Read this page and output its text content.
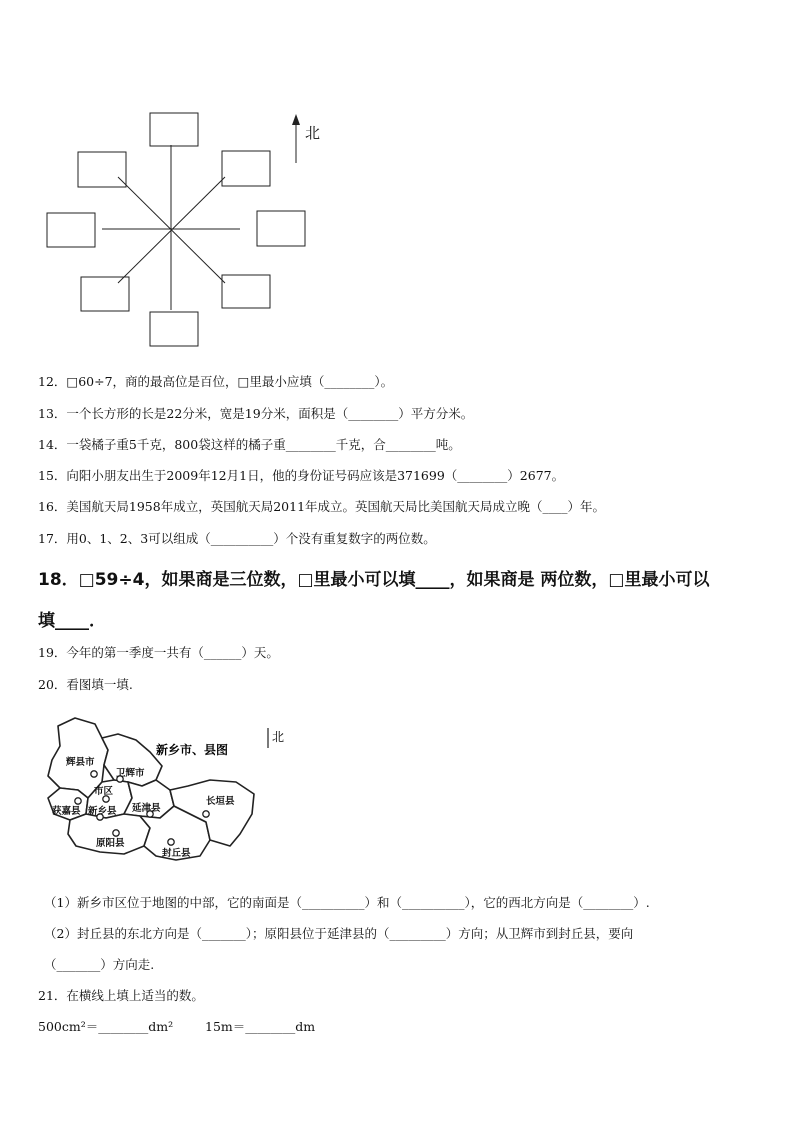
北
12．□60÷7，商的最高位是百位，□里最小应填（________）。
13．一个长方形的长是22分米，宽是19分米，面积是（________）平方分米。
14．一袋橘子重5千克，800袋这样的橘子重________千克，合________吨。
15．向阳小朋友出生于2009年12月1日，他的身份证号码应该是371699（________）2677。
16．美国航天局1958年成立，英国航天局2011年成立。英国航天局比美国航天局成立晚（____）年。
17．用0、1、2、3可以组成（__________）个没有重复数字的两位数。
18．□59÷4，如果商是三位数，□里最小可以填____，如果商是 两位数，□里最小可以
填____．
19．今年的第一季度一共有（______）天。
20．看图填一填.
辉县市
卫辉市
市区
获嘉县 新乡县 延津县
长垣县
原阳县
封丘县
新乡市、县图
北
（1）新乡市区位于地图的中部，它的南面是（__________）和（__________），它的西北方向是（________）.
（2）封丘县的东北方向是（_______）；原阳县位于延津县的（_________）方向；从卫辉市到封丘县，要向
（_______）方向走.
21．在横线上填上适当的数。
500cm²＝________dm²	15m＝________dm
